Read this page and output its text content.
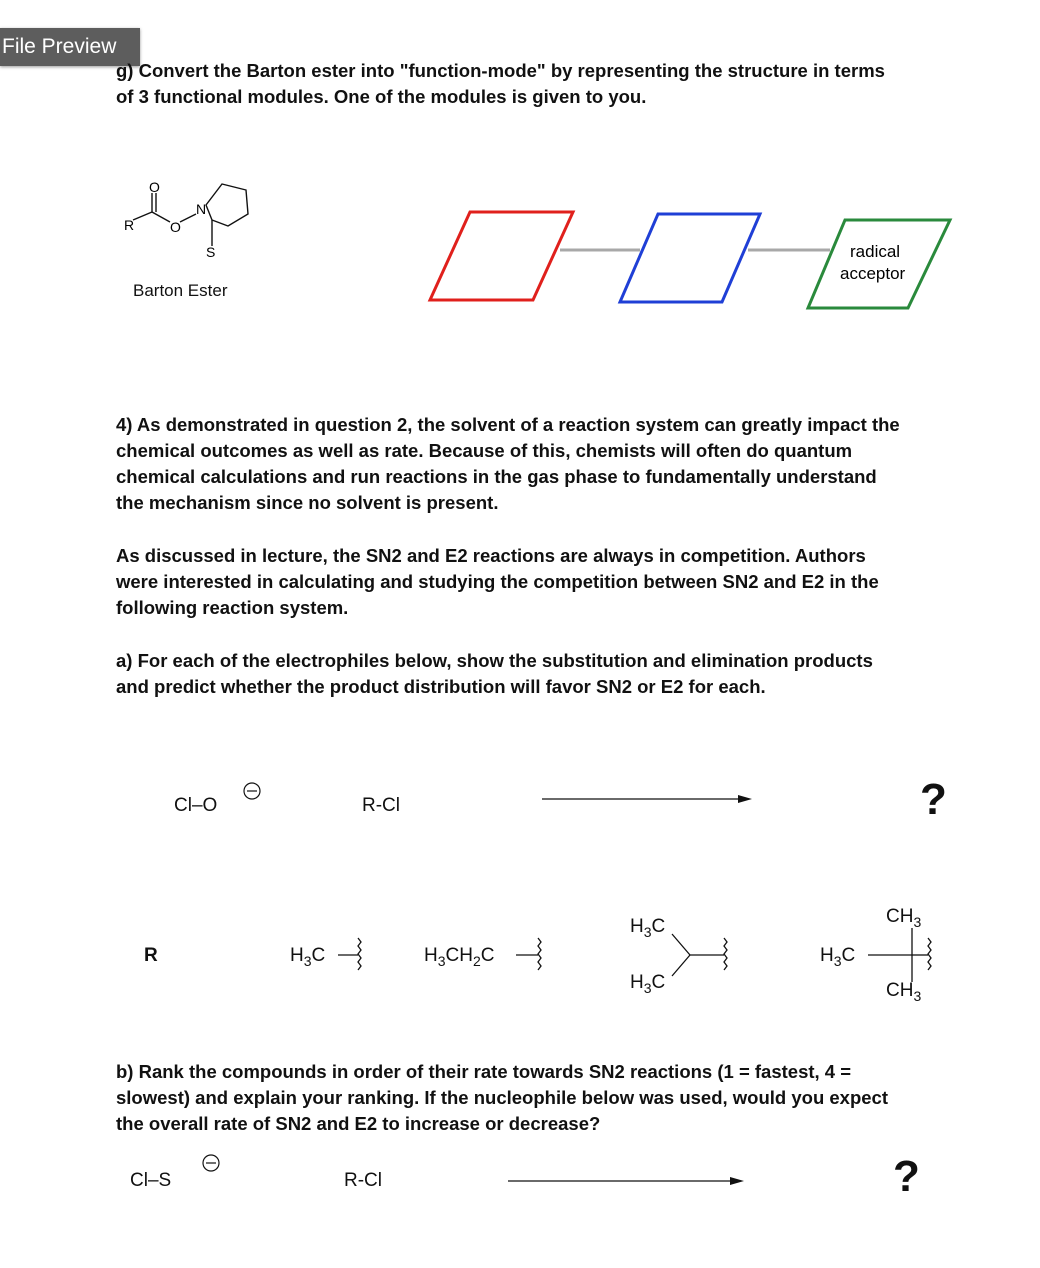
File Preview

g) Convert the Barton ester into "function-mode" by representing the structure in terms

of 3 functional modules. One of the modules is given to you.

R
O
O
N
S	radical
acceptor
Barton Ester

4) As demonstrated in question 2, the solvent of a reaction system can greatly impact the

chemical outcomes as well as rate. Because of this, chemists will often do quantum

chemical calculations and run reactions in the gas phase to fundamentally understand

the mechanism since no solvent is present.

As discussed in lecture, the SN2 and E2 reactions are always in competition. Authors

were interested in calculating and studying the competition between SN2 and E2 in the

following reaction system.

a) For each of the electrophiles below, show the substitution and elimination products

and predict whether the product distribution will favor SN2 or E2 for each.

Cl–O	R-Cl	?
R	$H_3C$	$H_3CH_2C$
$H_3C$
$H_3C$
$H_3C$
$CH_3$
$CH_3$

b) Rank the compounds in order of their rate towards SN2 reactions (1 = fastest, 4 =

slowest) and explain your ranking. If the nucleophile below was used, would you expect

the overall rate of SN2 and E2 to increase or decrease?

Cl–S	R-Cl	?
